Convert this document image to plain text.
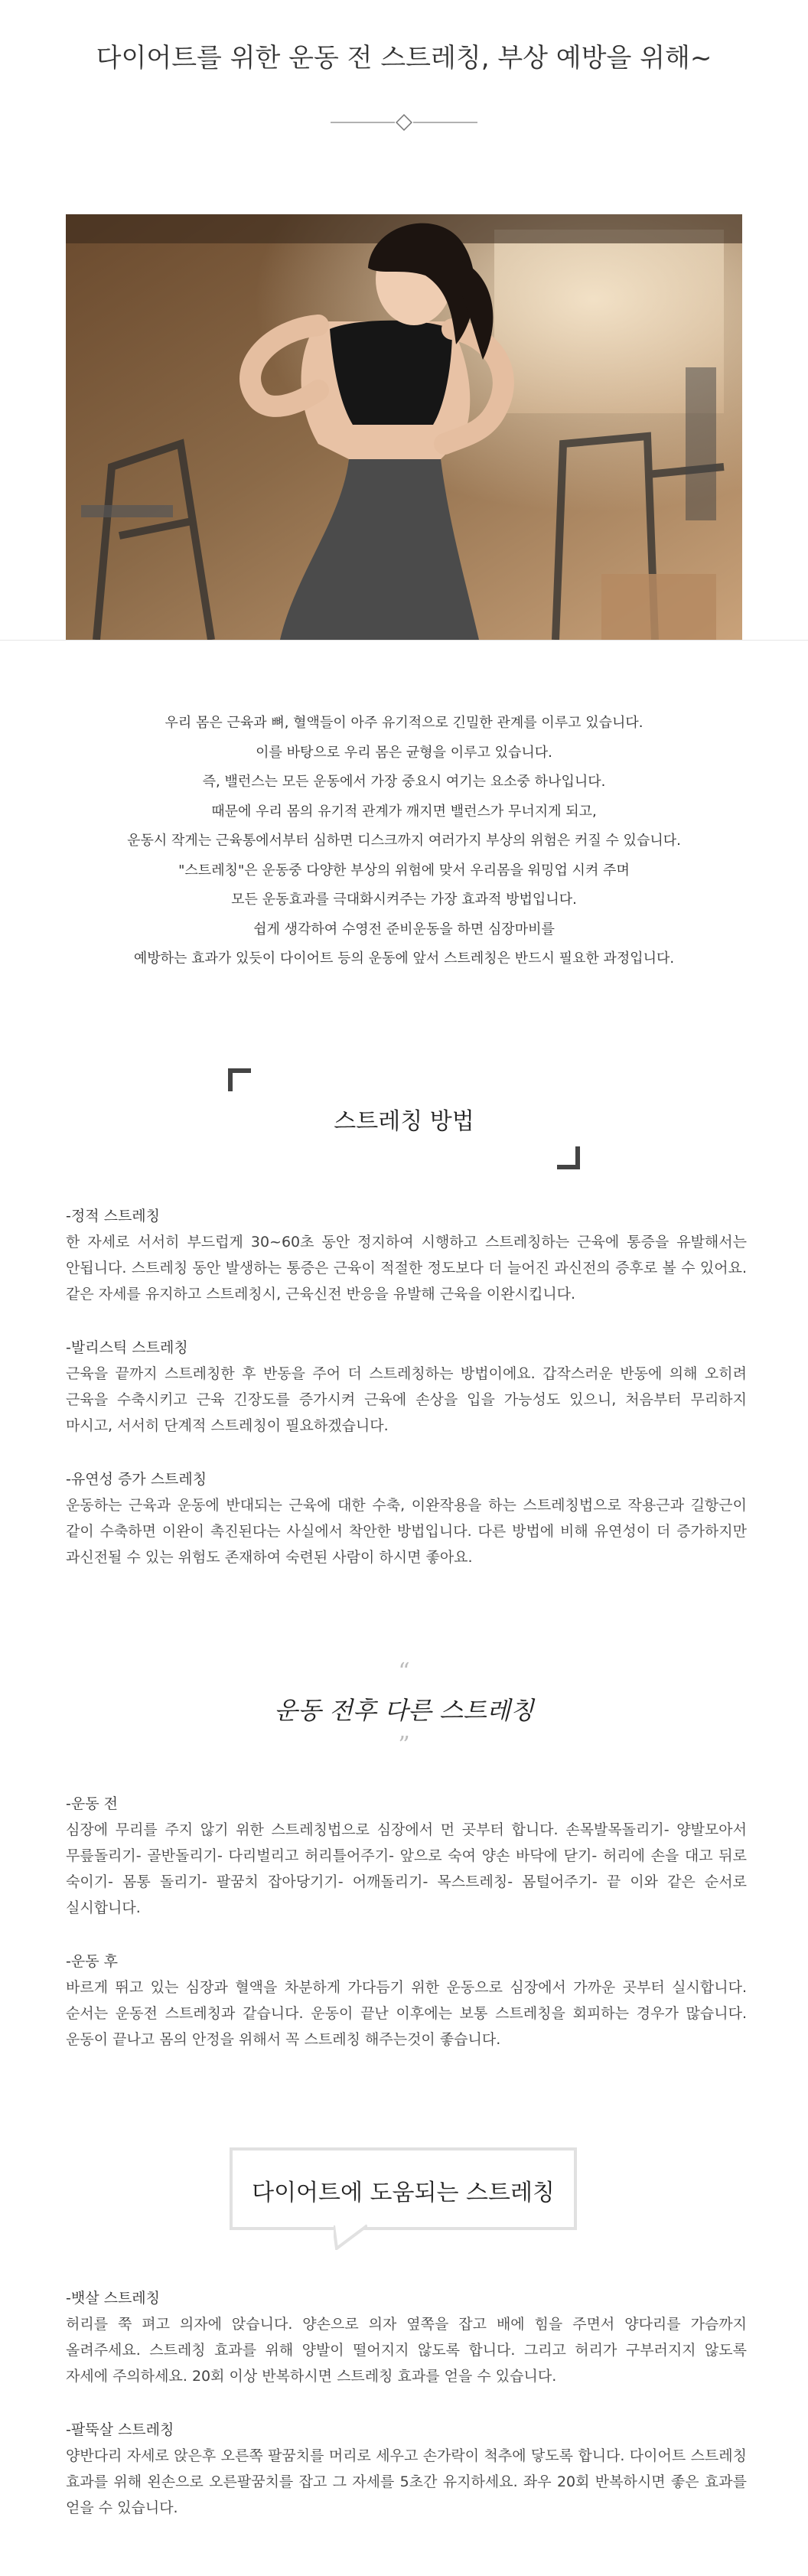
다이어트를 위한 운동 전 스트레칭, 부상 예방을 위해~

우리 몸은 근육과 뼈, 혈액들이 아주 유기적으로 긴밀한 관계를 이루고 있습니다.

이를 바탕으로 우리 몸은 균형을 이루고 있습니다.

즉, 밸런스는 모든 운동에서 가장 중요시 여기는 요소중 하나입니다.

때문에 우리 몸의 유기적 관계가 깨지면 밸런스가 무너지게 되고,

운동시 작게는 근육통에서부터 심하면 디스크까지 여러가지 부상의 위험은 커질 수 있습니다.

"스트레칭"은 운동중 다양한 부상의 위험에 맞서 우리몸을 워밍업 시켜 주며

모든 운동효과를 극대화시켜주는 가장 효과적 방법입니다.

쉽게 생각하여 수영전 준비운동을 하면 심장마비를

예방하는 효과가 있듯이 다이어트 등의 운동에 앞서 스트레칭은 반드시 필요한 과정입니다.

스트레칭 방법
-정적 스트레칭
한 자세로 서서히 부드럽게 30~60초 동안 정지하여 시행하고 스트레칭하는 근육에 통증을 유발해서는 안됩니다. 스트레칭 동안 발생하는 통증은 근육이 적절한 정도보다 더 늘어진 과신전의 증후로 볼 수 있어요. 같은 자세를 유지하고 스트레칭시, 근육신전 반응을 유발해 근육을 이완시킵니다.
-발리스틱 스트레칭
근육을 끝까지 스트레칭한 후 반동을 주어 더 스트레칭하는 방법이에요. 갑작스러운 반동에 의해 오히려 근육을 수축시키고 근육 긴장도를 증가시켜 근육에 손상을 입을 가능성도 있으니, 처음부터 무리하지 마시고, 서서히 단계적 스트레칭이 필요하겠습니다.
-유연성 증가 스트레칭
운동하는 근육과 운동에 반대되는 근육에 대한 수축, 이완작용을 하는 스트레칭법으로 작용근과 길항근이 같이 수축하면 이완이 촉진된다는 사실에서 착안한 방법입니다. 다른 방법에 비해 유연성이 더 증가하지만 과신전될 수 있는 위험도 존재하여 숙련된 사람이 하시면 좋아요.
“
운동 전후 다른 스트레칭
”
-운동 전
심장에 무리를 주지 않기 위한 스트레칭법으로 심장에서 먼 곳부터 합니다. 손목발목돌리기- 양발모아서 무릎돌리기- 골반돌리기- 다리벌리고 허리틀어주기- 앞으로 숙여 양손 바닥에 닫기- 허리에 손을 대고 뒤로 숙이기- 몸통 돌리기- 팔꿈치 잡아당기기- 어깨돌리기- 목스트레칭- 몸털어주기- 끝 이와 같은 순서로 실시합니다.
-운동 후
바르게 뛰고 있는 심장과 혈액을 차분하게 가다듬기 위한 운동으로 심장에서 가까운 곳부터 실시합니다. 순서는 운동전 스트레칭과 같습니다. 운동이 끝난 이후에는 보통 스트레칭을 회피하는 경우가 많습니다. 운동이 끝나고 몸의 안정을 위해서 꼭 스트레칭 해주는것이 좋습니다.
다이어트에 도움되는 스트레칭
-뱃살 스트레칭
허리를 쭉 펴고 의자에 앉습니다. 양손으로 의자 옆쪽을 잡고 배에 힘을 주면서 양다리를 가슴까지 올려주세요. 스트레칭 효과를 위해 양발이 떨어지지 않도록 합니다. 그리고 허리가 구부러지지 않도록 자세에 주의하세요. 20회 이상 반복하시면 스트레칭 효과를 얻을 수 있습니다.
-팔뚝살 스트레칭
양반다리 자세로 앉은후 오른쪽 팔꿈치를 머리로 세우고 손가락이 척추에 닿도록 합니다. 다이어트 스트레칭 효과를 위해 왼손으로 오른팔꿈치를 잡고 그 자세를 5초간 유지하세요. 좌우 20회 반복하시면 좋은 효과를 얻을 수 있습니다.
